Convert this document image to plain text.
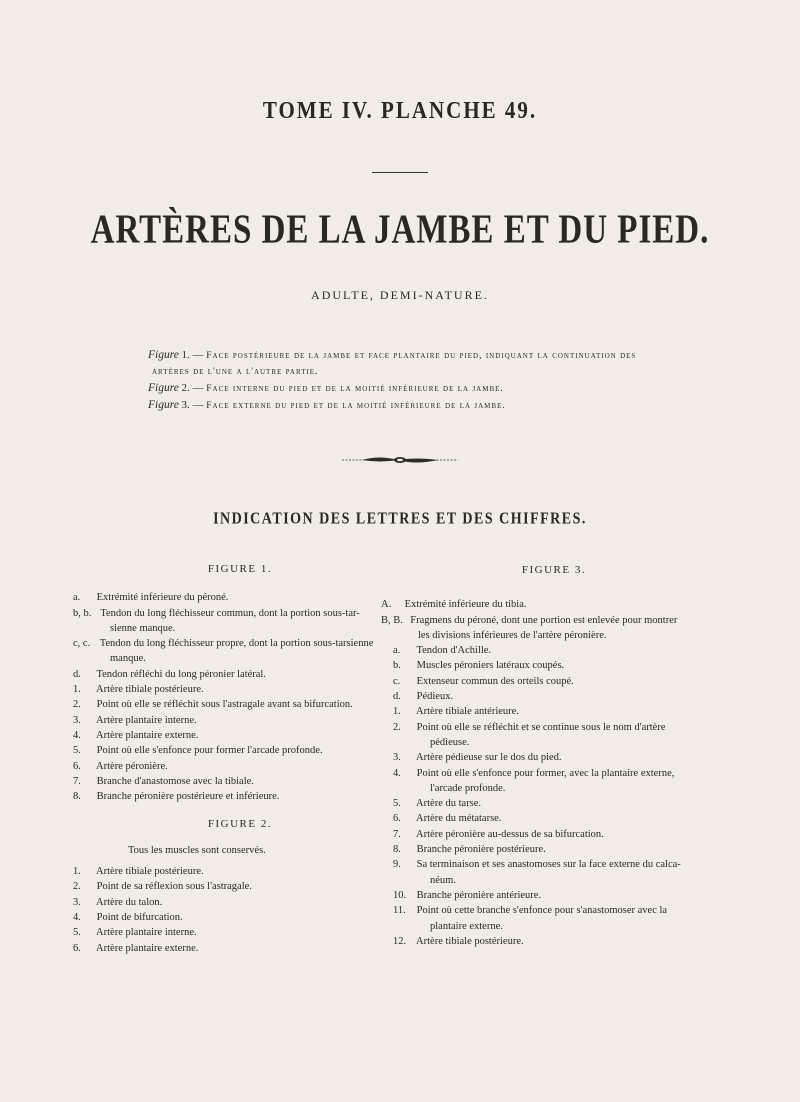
TOME IV. PLANCHE 49.
ARTÈRES DE LA JAMBE ET DU PIED.
ADULTE, DEMI-NATURE.
Figure 1. — Face postérieure de la jambe et face plantaire du pied, indiquant la continuation des
artères de l'une a l'autre partie.
Figure 2. — Face interne du pied et de la moitié inférieure de la jambe.
Figure 3. — Face externe du pied et de la moitié inférieure de la jambe.
INDICATION DES LETTRES ET DES CHIFFRES.
FIGURE 1.
a. Extrémité inférieure du péroné.
b, b. Tendon du long fléchisseur commun, dont la portion sous-tar-
sienne manque.
c, c. Tendon du long fléchisseur propre, dont la portion sous-tarsienne
manque.
d. Tendon réfléchi du long péronier latéral.
1. Artère tibiale postérieure.
2. Point où elle se réfléchit sous l'astragale avant sa bifurcation.
3. Artère plantaire interne.
4. Artère plantaire externe.
5. Point où elle s'enfonce pour former l'arcade profonde.
6. Artère péronière.
7. Branche d'anastomose avec la tibiale.
8. Branche péronière postérieure et inférieure.
FIGURE 2.

Tous les muscles sont conservés.

1. Artère tibiale postérieure.
2. Point de sa réflexion sous l'astragale.
3. Artère du talon.
4. Point de bifurcation.
5. Artère plantaire interne.
6. Artère plantaire externe.
FIGURE 3.
A. Extrémité inférieure du tibia.
B, B. Fragmens du péroné, dont une portion est enlevée pour montrer
les divisions inférieures de l'artère péronière.
a. Tendon d'Achille.
b. Muscles péroniers latéraux coupés.
c. Extenseur commun des orteils coupé.
d. Pédieux.
1. Artère tibiale antérieure.
2. Point où elle se réfléchit et se continue sous le nom d'artère
pédieuse.
3. Artère pédieuse sur le dos du pied.
4. Point où elle s'enfonce pour former, avec la plantaire externe,
l'arcade profonde.
5. Artère du tarse.
6. Artère du métatarse.
7. Artère péronière au-dessus de sa bifurcation.
8. Branche péronière postérieure.
9. Sa terminaison et ses anastomoses sur la face externe du calca-
néum.
10. Branche péronière antérieure.
11. Point où cette branche s'enfonce pour s'anastomoser avec la
plantaire externe.
12. Artère tibiale postérieure.
